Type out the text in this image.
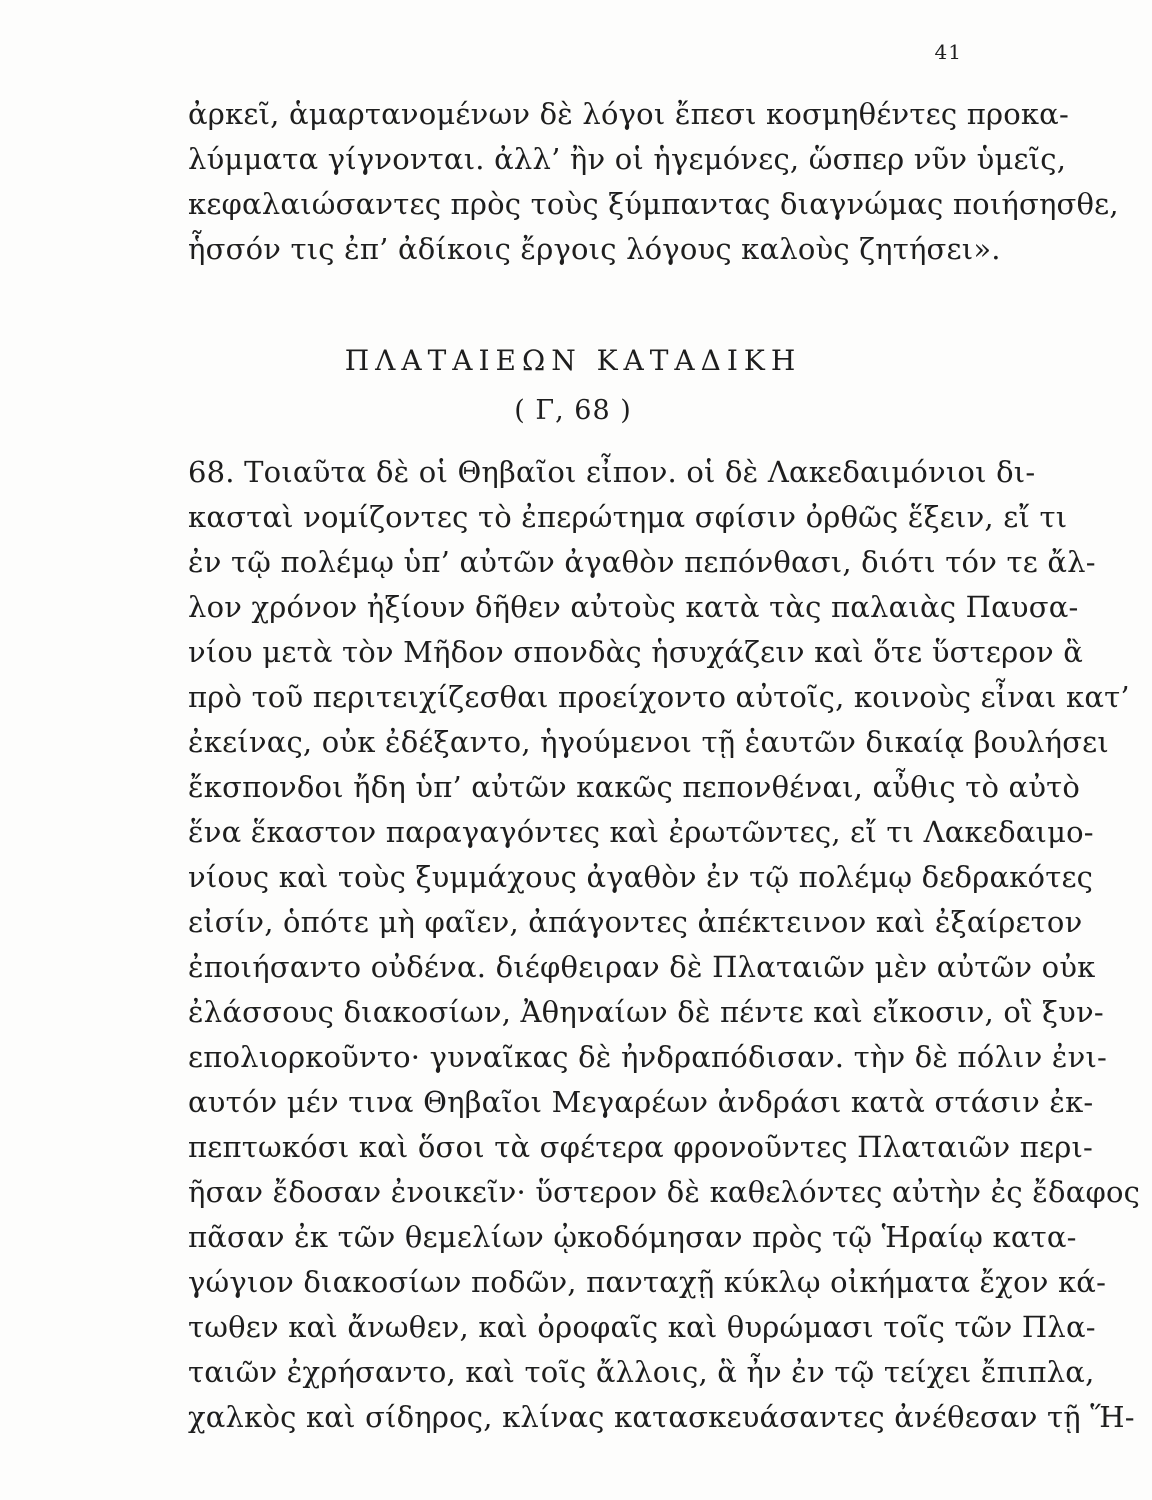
41
ἀρκεῖ, ἁμαρτανομένων δὲ λόγοι ἔπεσι κοσμηθέντες προκα-
λύμματα γίγνονται. ἀλλ’ ἢν οἱ ἡγεμόνες, ὥσπερ νῦν ὑμεῖς,
κεφαλαιώσαντες πρὸς τοὺς ξύμπαντας διαγνώμας ποιήσησθε,
ἧσσόν τις ἐπ’ ἀδίκοις ἔργοις λόγους καλοὺς ζητήσει».
ΠΛΑΤΑΙΕΩΝ ΚΑΤΑΔΙΚΗ
( Γ, 68 )
68. Τοιαῦτα δὲ οἱ Θηβαῖοι εἶπον. οἱ δὲ Λακεδαιμόνιοι δι-
κασταὶ νομίζοντες τὸ ἐπερώτημα σφίσιν ὀρθῶς ἕξειν, εἴ τι
ἐν τῷ πολέμῳ ὑπ’ αὐτῶν ἀγαθὸν πεπόνθασι, διότι τόν τε ἄλ-
λον χρόνον ἠξίουν δῆθεν αὐτοὺς κατὰ τὰς παλαιὰς Παυσα-
νίου μετὰ τὸν Μῆδον σπονδὰς ἡσυχάζειν καὶ ὅτε ὕστερον ἃ
πρὸ τοῦ περιτειχίζεσθαι προείχοντο αὐτοῖς, κοινοὺς εἶναι κατ’
ἐκείνας, οὐκ ἐδέξαντο, ἡγούμενοι τῇ ἑαυτῶν δικαίᾳ βουλήσει
ἔκσπονδοι ἤδη ὑπ’ αὐτῶν κακῶς πεπονθέναι, αὖθις τὸ αὐτὸ
ἕνα ἕκαστον παραγαγόντες καὶ ἐρωτῶντες, εἴ τι Λακεδαιμο-
νίους καὶ τοὺς ξυμμάχους ἀγαθὸν ἐν τῷ πολέμῳ δεδρακότες
εἰσίν, ὁπότε μὴ φαῖεν, ἀπάγοντες ἀπέκτεινον καὶ ἐξαίρετον
ἐποιήσαντο οὐδένα. διέφθειραν δὲ Πλαταιῶν μὲν αὐτῶν οὐκ
ἐλάσσους διακοσίων, Ἀθηναίων δὲ πέντε καὶ εἴκοσιν, οἳ ξυν-
επολιορκοῦντο· γυναῖκας δὲ ἠνδραπόδισαν. τὴν δὲ πόλιν ἐνι-
αυτόν μέν τινα Θηβαῖοι Μεγαρέων ἀνδράσι κατὰ στάσιν ἐκ-
πεπτωκόσι καὶ ὅσοι τὰ σφέτερα φρονοῦντες Πλαταιῶν περι-
ῆσαν ἔδοσαν ἐνοικεῖν· ὕστερον δὲ καθελόντες αὐτὴν ἐς ἔδαφος
πᾶσαν ἐκ τῶν θεμελίων ᾠκοδόμησαν πρὸς τῷ Ἡραίῳ κατα-
γώγιον διακοσίων ποδῶν, πανταχῇ κύκλῳ οἰκήματα ἔχον κά-
τωθεν καὶ ἄνωθεν, καὶ ὀροφαῖς καὶ θυρώμασι τοῖς τῶν Πλα-
ταιῶν ἐχρήσαντο, καὶ τοῖς ἄλλοις, ἃ ἦν ἐν τῷ τείχει ἔπιπλα,
χαλκὸς καὶ σίδηρος, κλίνας κατασκευάσαντες ἀνέθεσαν τῇ Ἥ-
